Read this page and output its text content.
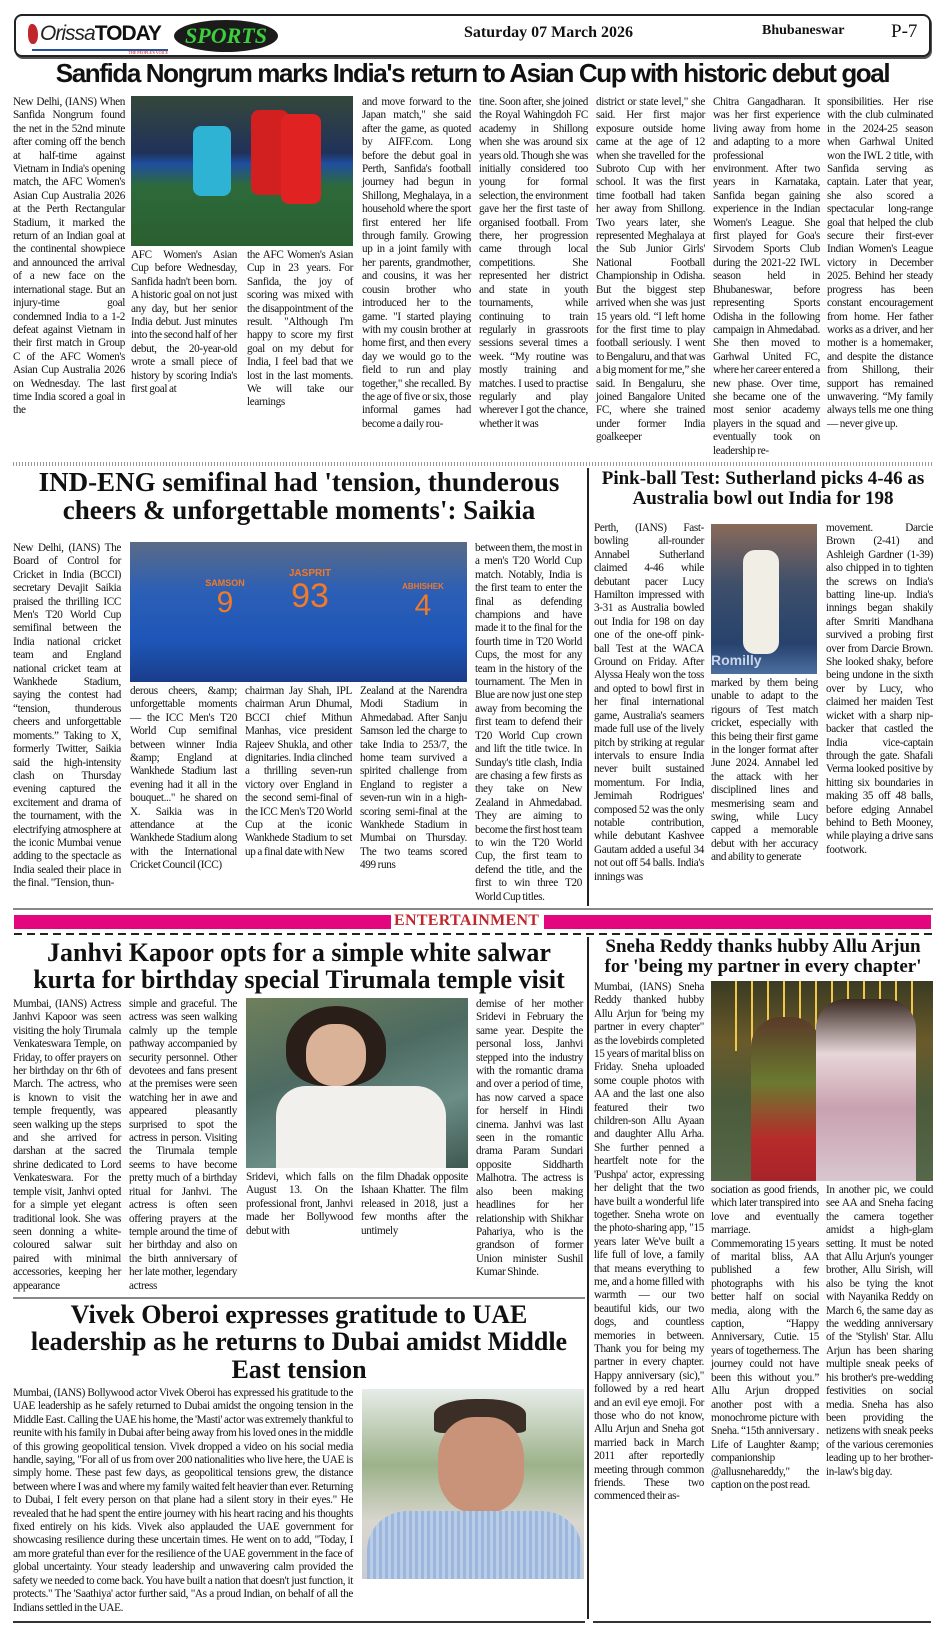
OrissaTODAY
THE PEOPLE'S VOICE
SPORTS	Saturday 07 March 2026	Bhubaneswar P-7
Sanfida Nongrum marks India's return to Asian Cup with historic debut goal
New Delhi, (IANS) When Sanfida Nongrum found the net in the 52nd minute after coming off the bench at half-time against Vietnam in India's opening match, the AFC Women's Asian Cup Australia 2026 at the Perth Rectangular Stadium, it marked the return of an Indian goal at the continental showpiece and announced the arrival of a new face on the international stage. But an injury-time goal condemned India to a 1-2 defeat against Vietnam in their first match in Group C of the AFC Women's Asian Cup Australia 2026 on Wednesday. The last time India scored a goal in the
AFC Women's Asian Cup before Wednesday, Sanfida hadn't been born. A historic goal on not just any day, but her senior India debut. Just minutes into the second half of her debut, the 20-year-old wrote a small piece of history by scoring India's first goal at
the AFC Women's Asian Cup in 23 years. For Sanfida, the joy of scoring was mixed with the disappointment of the result. "Although I'm happy to score my first goal on my debut for India, I feel bad that we lost in the last moments. We will take our learnings
and move forward to the Japan match," she said after the game, as quoted by AIFF.com. Long before the debut goal in Perth, Sanfida's football journey had begun in Shillong, Meghalaya, in a household where the sport first entered her life through family. Growing up in a joint family with her parents, grandmother, and cousins, it was her cousin brother who introduced her to the game. "I started playing with my cousin brother at home first, and then every day we would go to the field to run and play together," she recalled. By the age of five or six, those informal games had become a daily rou-
tine. Soon after, she joined the Royal Wahingdoh FC academy in Shillong when she was around six years old. Though she was initially considered too young for formal selection, the environment gave her the first taste of organised football. From there, her progression came through local competitions. She represented her district and state in youth tournaments, while continuing to train regularly in grassroots sessions several times a week. “My routine was mostly training and matches. I used to practise regularly and play wherever I got the chance, whether it was
district or state level," she said. Her first major exposure outside home came at the age of 12 when she travelled for the Subroto Cup with her school. It was the first time football had taken her away from Shillong. Two years later, she represented Meghalaya at the Sub Junior Girls' National Football Championship in Odisha. But the biggest step arrived when she was just 15 years old. “I left home for the first time to play football seriously. I went to Bengaluru, and that was a big moment for me,” she said. In Bengaluru, she joined Bangalore United FC, where she trained under former India goalkeeper
Chitra Gangadharan. It was her first experience living away from home and adapting to a more professional environment. After two years in Karnataka, Sanfida began gaining experience in the Indian Women's League. She first played for Goa's Sirvodem Sports Club during the 2021-22 IWL season held in Bhubaneswar, before representing Sports Odisha in the following campaign in Ahmedabad. She then moved to Garhwal United FC, where her career entered a new phase. Over time, she became one of the most senior academy players in the squad and eventually took on leadership re-
sponsibilities. Her rise with the club culminated in the 2024-25 season when Garhwal United won the IWL 2 title, with Sanfida serving as captain. Later that year, she also scored a spectacular long-range goal that helped the club secure their first-ever Indian Women's League victory in December 2025. Behind her steady progress has been constant encouragement from home. Her father works as a driver, and her mother is a homemaker, and despite the distance from Shillong, their support has remained unwavering. “My family always tells me one thing — never give up.
IND-ENG semifinal had 'tension, thunderous cheers & unforgettable moments': Saikia
New Delhi, (IANS) The Board of Control for Cricket in India (BCCI) secretary Devajit Saikia praised the thrilling ICC Men's T20 World Cup semifinal between the India national cricket team and England national cricket team at Wankhede Stadium, saying the contest had “tension, thunderous cheers and unforgettable moments.” Taking to X, formerly Twitter, Saikia said the high-intensity clash on Thursday evening captured the excitement and drama of the tournament, with the electrifying atmosphere at the iconic Mumbai venue adding to the spectacle as India sealed their place in the final. "Tension, thun-
SAMSON
9
JASPRIT
93	ABHISHEK
4
derous cheers, &amp; unforgettable moments — the ICC Men's T20 World Cup semifinal between winner India &amp; England at Wankhede Stadium last evening had it all in the bouquet..." he shared on X. Saikia was in attendance at the Wankhede Stadium along with the International Cricket Council (ICC)
chairman Jay Shah, IPL chairman Arun Dhumal, BCCI chief Mithun Manhas, vice president Rajeev Shukla, and other dignitaries. India clinched a thrilling seven-run victory over England in the second semi-final of the ICC Men's T20 World Cup at the iconic Wankhede Stadium to set up a final date with New
Zealand at the Narendra Modi Stadium in Ahmedabad. After Sanju Samson led the charge to take India to 253/7, the home team survived a spirited challenge from England to register a seven-run win in a high-scoring semi-final at the Wankhede Stadium in Mumbai on Thursday. The two teams scored 499 runs
between them, the most in a men's T20 World Cup match. Notably, India is the first team to enter the final as defending champions and have made it to the final for the fourth time in T20 World Cups, the most for any team in the history of the tournament. The Men in Blue are now just one step away from becoming the first team to defend their T20 World Cup crown and lift the title twice. In Sunday's title clash, India are chasing a few firsts as they take on New Zealand in Ahmedabad. They are aiming to become the first host team to win the T20 World Cup, the first team to defend the title, and the first to win three T20 World Cup titles.
Pink-ball Test: Sutherland picks 4-46 as Australia bowl out India for 198
Perth, (IANS) Fast-bowling all-rounder Annabel Sutherland claimed 4-46 while debutant pacer Lucy Hamilton impressed with 3-31 as Australia bowled out India for 198 on day one of the one-off pink-ball Test at the WACA Ground on Friday. After Alyssa Healy won the toss and opted to bowl first in her final international game, Australia's seamers made full use of the lively pitch by striking at regular intervals to ensure India never built sustained momentum. For India, Jemimah Rodrigues' composed 52 was the only notable contribution, while debutant Kashvee Gautam added a useful 34 not out off 54 balls. India's innings was
Romilly
marked by them being unable to adapt to the rigours of Test match cricket, especially with this being their first game in the longer format after June 2024. Annabel led the attack with her disciplined lines and mesmerising seam and swing, while Lucy capped a memorable debut with her accuracy and ability to generate
movement. Darcie Brown (2-41) and Ashleigh Gardner (1-39) also chipped in to tighten the screws on India's batting line-up. India's innings began shakily after Smriti Mandhana survived a probing first over from Darcie Brown. She looked shaky, before being undone in the sixth over by Lucy, who claimed her maiden Test wicket with a sharp nip-backer that castled the India vice-captain through the gate. Shafali Verma looked positive by hitting six boundaries in making 35 off 48 balls, before edging Annabel behind to Beth Mooney, while playing a drive sans footwork.
ENTERTAINMENT
Janhvi Kapoor opts for a simple white salwar kurta for birthday special Tirumala temple visit
Mumbai, (IANS) Actress Janhvi Kapoor was seen visiting the holy Tirumala Venkateswara Temple, on Friday, to offer prayers on her birthday on thr 6th of March. The actress, who is known to visit the temple frequently, was seen walking up the steps and she arrived for darshan at the sacred shrine dedicated to Lord Venkateswara. For the temple visit, Janhvi opted for a simple yet elegant traditional look. She was seen donning a white-coloured salwar suit paired with minimal accessories, keeping her appearance
simple and graceful. The actress was seen walking calmly up the temple pathway accompanied by security personnel. Other devotees and fans present at the premises were seen watching her in awe and appeared pleasantly surprised to spot the actress in person. Visiting the Tirumala temple seems to have become pretty much of a birthday ritual for Janhvi. The actress is often seen offering prayers at the temple around the time of her birthday and also on the birth anniversary of her late mother, legendary actress
Sridevi, which falls on August 13. On the professional front, Janhvi made her Bollywood debut with
the film Dhadak opposite Ishaan Khatter. The film released in 2018, just a few months after the untimely
demise of her mother Sridevi in February the same year. Despite the personal loss, Janhvi stepped into the industry with the romantic drama and over a period of time, has now carved a space for herself in Hindi cinema. Janhvi was last seen in the romantic drama Param Sundari opposite Siddharth Malhotra. The actress is also been making headlines for her relationship with Shikhar Pahariya, who is the grandson of former Union minister Sushil Kumar Shinde.
Sneha Reddy thanks hubby Allu Arjun for 'being my partner in every chapter'
Mumbai, (IANS) Sneha Reddy thanked hubby Allu Arjun for 'being my partner in every chapter" as the lovebirds completed 15 years of marital bliss on Friday. Sneha uploaded some couple photos with AA and the last one also featured their two children-son Allu Ayaan and daughter Allu Arha. She further penned a heartfelt note for the 'Pushpa' actor, expressing her delight that the two have built a wonderful life together. Sneha wrote on the photo-sharing app, "15 years later We've built a life full of love, a family that means everything to me, and a home filled with warmth — our two beautiful kids, our two dogs, and countless memories in between. Thank you for being my partner in every chapter. Happy anniversary (sic)," followed by a red heart and an evil eye emoji. For those who do not know, Allu Arjun and Sneha got married back in March 2011 after reportedly meeting through common friends. These two commenced their as-
sociation as good friends, which later transpired into love and eventually marriage. Commemorating 15 years of marital bliss, AA published a few photographs with his better half on social media, along with the caption, “Happy Anniversary, Cutie. 15 years of togetherness. The journey could not have been this without you.” Allu Arjun dropped another post with a monochrome picture with Sneha. “15th anniversary . Life of Laughter &amp; companionship @allusnehareddy," the caption on the post read.
In another pic, we could see AA and Sneha facing the camera together amidst a high-glam setting. It must be noted that Allu Arjun's younger brother, Allu Sirish, will also be tying the knot with Nayanika Reddy on March 6, the same day as the wedding anniversary of the 'Stylish' Star. Allu Arjun has been sharing multiple sneak peeks of his brother's pre-wedding festivities on social media. Sneha has also been providing the netizens with sneak peeks of the various ceremonies leading up to her brother-in-law's big day.
Vivek Oberoi expresses gratitude to UAE leadership as he returns to Dubai amidst Middle East tension
Mumbai, (IANS) Bollywood actor Vivek Oberoi has expressed his gratitude to the UAE leadership as he safely returned to Dubai amidst the ongoing tension in the Middle East. Calling the UAE his home, the 'Masti' actor was extremely thankful to reunite with his family in Dubai after being away from his loved ones in the middle of this growing geopolitical tension. Vivek dropped a video on his social media handle, saying, "For all of us from over 200 nationalities who live here, the UAE is simply home. These past few days, as geopolitical tensions grew, the distance between where I was and where my family waited felt heavier than ever. Returning to Dubai, I felt every person on that plane had a silent story in their eyes." He revealed that he had spent the entire journey with his heart racing and his thoughts fixed entirely on his kids. Vivek also applauded the UAE government for showcasing resilience during these uncertain times. He went on to add, "Today, I am more grateful than ever for the resilience of the UAE government in the face of global uncertainty. Your steady leadership and unwavering calm provided the safety we needed to come back. You have built a nation that doesn't just function, it protects." The 'Saathiya' actor further said, "As a proud Indian, on behalf of all the Indians settled in the UAE.
